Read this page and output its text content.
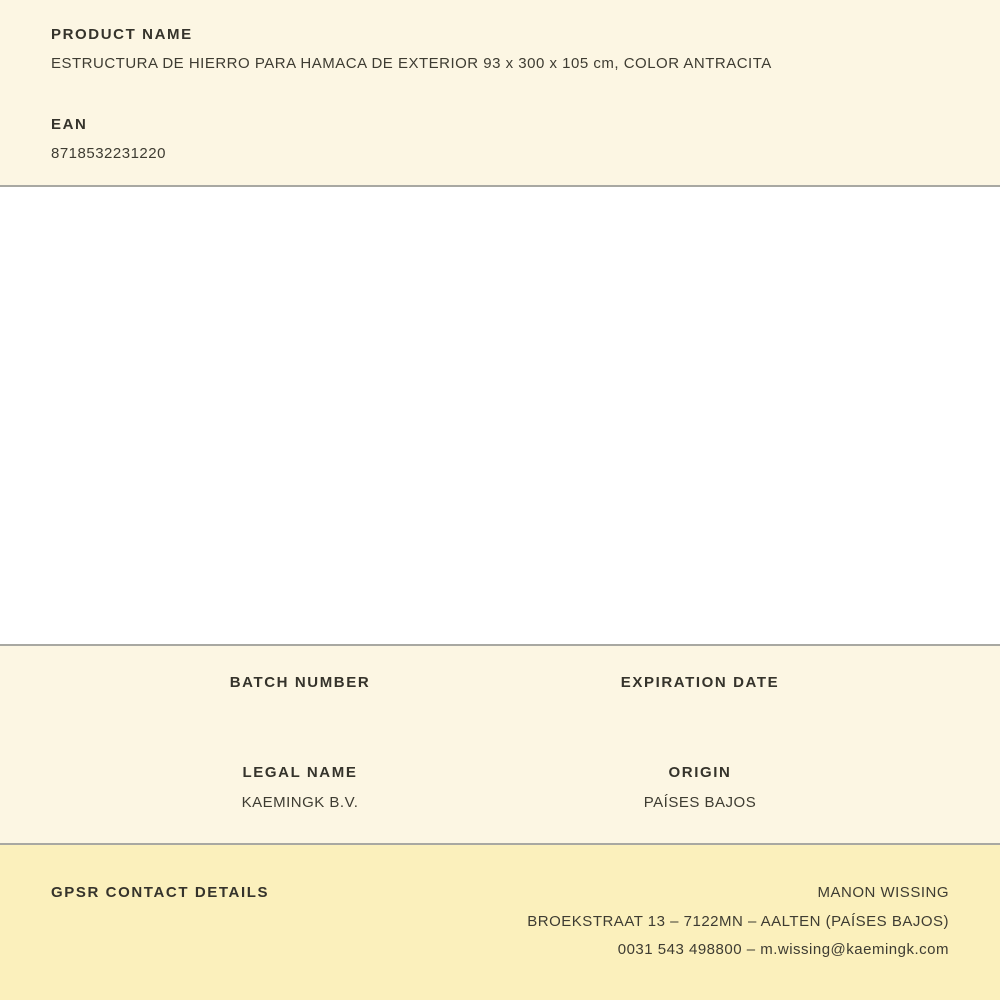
PRODUCT NAME
ESTRUCTURA DE HIERRO PARA HAMACA DE EXTERIOR 93 x 300 x 105 cm, COLOR ANTRACITA
EAN
8718532231220
BATCH NUMBER	EXPIRATION DATE
LEGAL NAME	ORIGIN
KAEMINGK B.V.	PAÍSES BAJOS
GPSR CONTACT DETAILS	MANON WISSING
BROEKSTRAAT 13 – 7122MN – AALTEN (PAÍSES BAJOS)
0031 543 498800 – m.wissing@kaemingk.com
